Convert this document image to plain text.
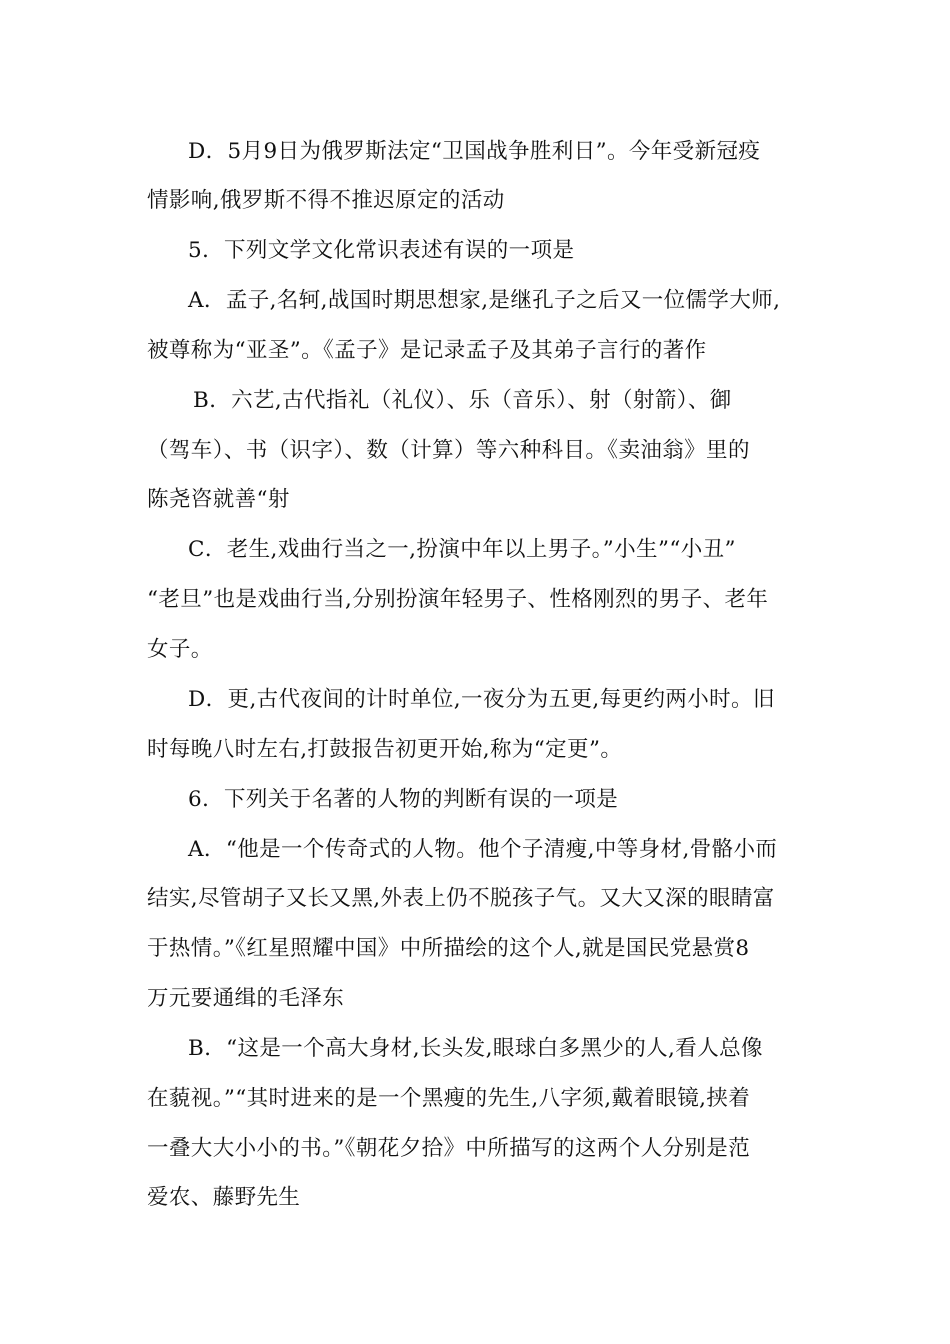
D．5月9日为俄罗斯法定“卫国战争胜利日”。今年受新冠疫
情影响,俄罗斯不得不推迟原定的活动
5．下列文学文化常识表述有误的一项是
A．孟子,名轲,战国时期思想家,是继孔子之后又一位儒学大师,
被尊称为“亚圣”。《孟子》是记录孟子及其弟子言行的著作
B．六艺,古代指礼（礼仪）、乐（音乐）、射（射箭）、御
（驾车）、书（识字）、数（计算）等六种科目。《卖油翁》里的
陈尧咨就善“射
C．老生,戏曲行当之一,扮演中年以上男子。”小生”“小丑”
“老旦”也是戏曲行当,分别扮演年轻男子、性格刚烈的男子、老年
女子。
D．更,古代夜间的计时单位,一夜分为五更,每更约两小时。旧
时每晚八时左右,打鼓报告初更开始,称为“定更”。
6．下列关于名著的人物的判断有误的一项是
A．“他是一个传奇式的人物。他个子清瘦,中等身材,骨骼小而
结实,尽管胡子又长又黑,外表上仍不脱孩子气。又大又深的眼睛富
于热情。”《红星照耀中国》中所描绘的这个人,就是国民党悬赏8
万元要通缉的毛泽东
B．“这是一个高大身材,长头发,眼球白多黑少的人,看人总像
在藐视。”“其时进来的是一个黑瘦的先生,八字须,戴着眼镜,挟着
一叠大大小小的书。”《朝花夕拾》中所描写的这两个人分别是范
爱农、藤野先生
